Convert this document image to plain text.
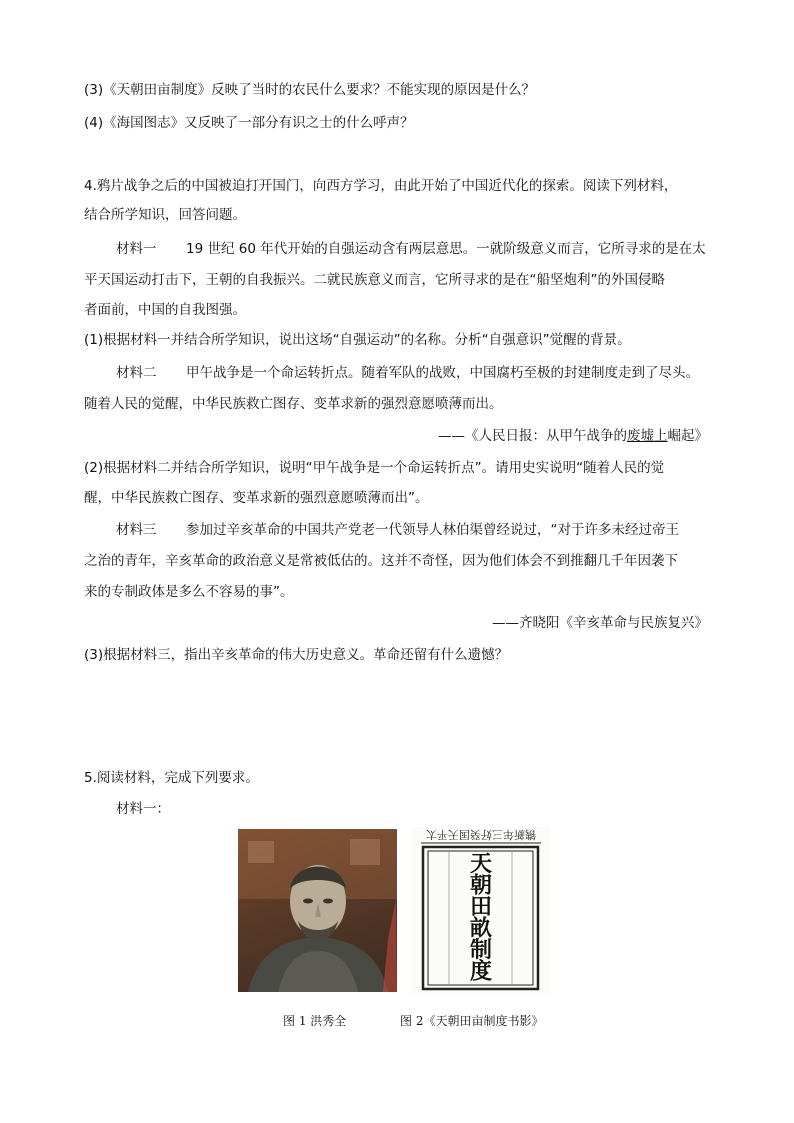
(3)《天朝田亩制度》反映了当时的农民什么要求？不能实现的原因是什么？
(4)《海国图志》又反映了一部分有识之士的什么呼声？
4.鸦片战争之后的中国被迫打开国门，向西方学习，由此开始了中国近代化的探索。阅读下列材料，
结合所学知识，回答问题。
材料一 19 世纪 60 年代开始的自强运动含有两层意思。一就阶级意义而言，它所寻求的是在太
平天国运动打击下，王朝的自我振兴。二就民族意义而言，它所寻求的是在“船坚炮利”的外国侵略
者面前，中国的自我图强。
(1)根据材料一并结合所学知识，说出这场“自强运动”的名称。分析“自强意识”觉醒的背景。
材料二 甲午战争是一个命运转折点。随着军队的战败，中国腐朽至极的封建制度走到了尽头。
随着人民的觉醒，中华民族救亡图存、变革求新的强烈意愿喷薄而出。
——《人民日报：从甲午战争的废墟上崛起》
(2)根据材料二并结合所学知识，说明“甲午战争是一个命运转折点”。请用史实说明“随着人民的觉
醒，中华民族救亡图存、变革求新的强烈意愿喷薄而出”。
材料三 参加过辛亥革命的中国共产党老一代领导人林伯渠曾经说过，“对于许多未经过帝王
之治的青年，辛亥革命的政治意义是常被低估的。这并不奇怪，因为他们体会不到推翻几千年因袭下
来的专制政体是多么不容易的事”。
——齐晓阳《辛亥革命与民族复兴》
(3)根据材料三，指出辛亥革命的伟大历史意义。革命还留有什么遗憾？
5.阅读材料，完成下列要求。
材料一：
镌新年三好癸国天平太
天
朝
田
畝
制
度
图 1 洪秀全	图 2《天朝田亩制度书影》
